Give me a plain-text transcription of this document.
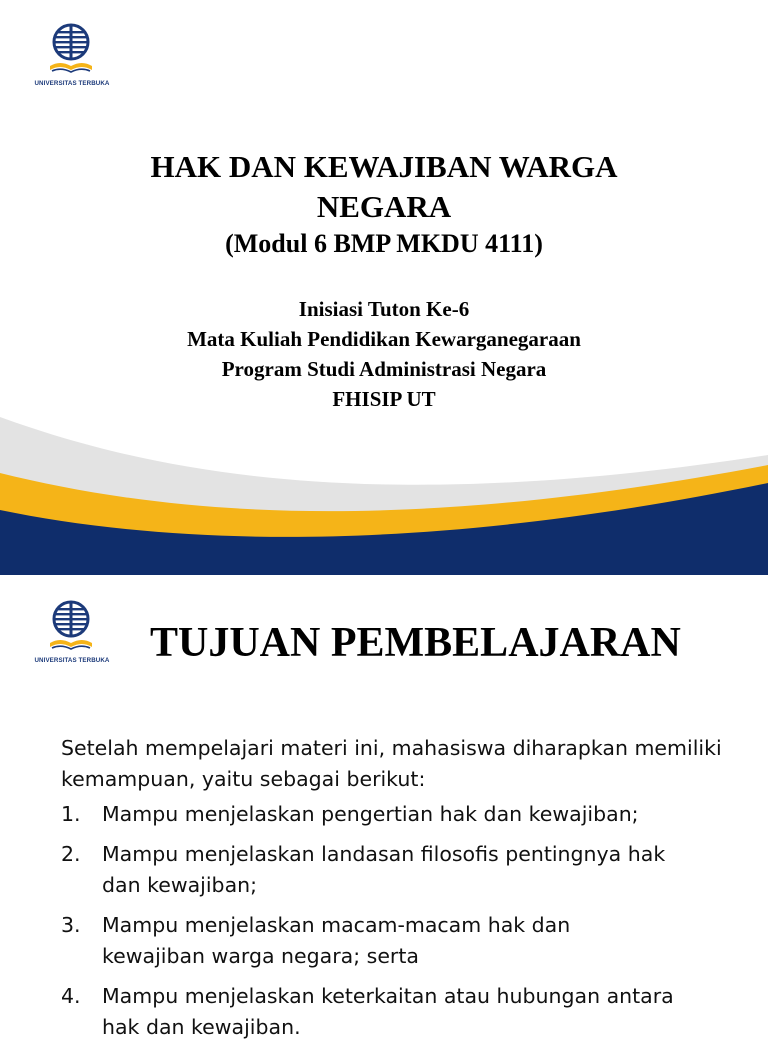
UNIVERSITAS TERBUKA
HAK DAN KEWAJIBAN WARGA NEGARA
(Modul 6 BMP MKDU 4111)
Inisiasi Tuton Ke-6
Mata Kuliah Pendidikan Kewarganegaraan
Program Studi Administrasi Negara
FHISIP UT
UNIVERSITAS TERBUKA TUJUAN PEMBELAJARAN
Setelah mempelajari materi ini, mahasiswa diharapkan memiliki kemampuan, yaitu sebagai berikut:
1.	Mampu menjelaskan pengertian hak dan kewajiban;
2.	Mampu menjelaskan landasan filosofis pentingnya hak dan kewajiban;
3.	Mampu menjelaskan macam-macam hak dan kewajiban warga negara; serta
4.	Mampu menjelaskan keterkaitan atau hubungan antara hak dan kewajiban.
